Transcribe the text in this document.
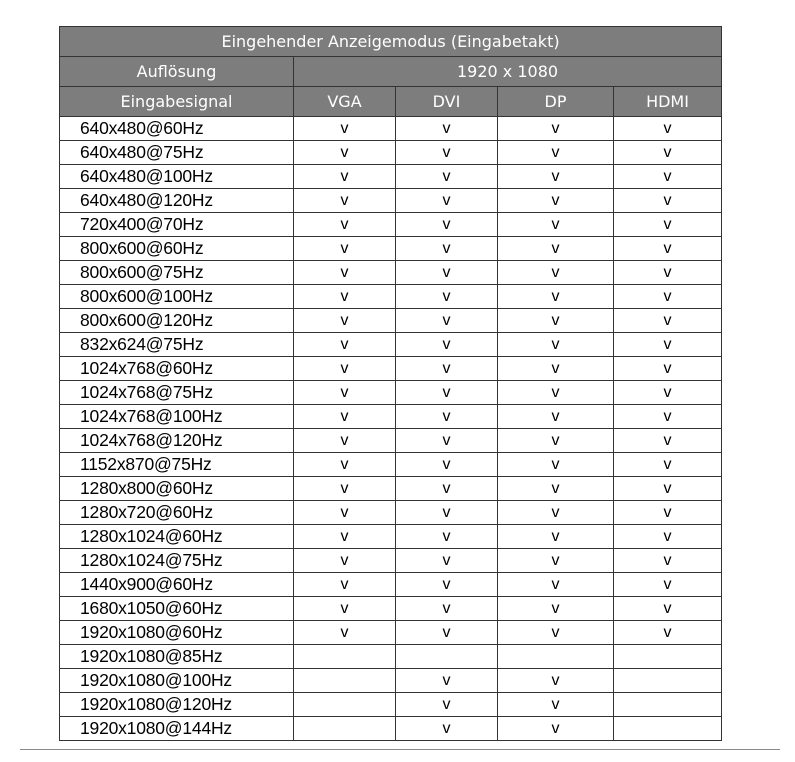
Eingehender Anzeigemodus (Eingabetakt)				
Auflösung	1920 x 1080			
Eingabesignal	VGA	DVI	DP	HDMI
640x480@60Hz	v	v	v	v
640x480@75Hz	v	v	v	v
640x480@100Hz	v	v	v	v
640x480@120Hz	v	v	v	v
720x400@70Hz	v	v	v	v
800x600@60Hz	v	v	v	v
800x600@75Hz	v	v	v	v
800x600@100Hz	v	v	v	v
800x600@120Hz	v	v	v	v
832x624@75Hz	v	v	v	v
1024x768@60Hz	v	v	v	v
1024x768@75Hz	v	v	v	v
1024x768@100Hz	v	v	v	v
1024x768@120Hz	v	v	v	v
1152x870@75Hz	v	v	v	v
1280x800@60Hz	v	v	v	v
1280x720@60Hz	v	v	v	v
1280x1024@60Hz	v	v	v	v
1280x1024@75Hz	v	v	v	v
1440x900@60Hz	v	v	v	v
1680x1050@60Hz	v	v	v	v
1920x1080@60Hz	v	v	v	v
1920x1080@85Hz				
1920x1080@100Hz		v	v	
1920x1080@120Hz		v	v	
1920x1080@144Hz		v	v	
